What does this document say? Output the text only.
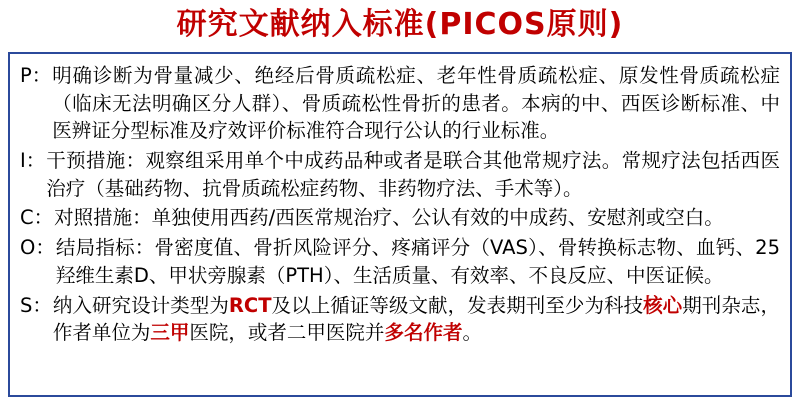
研究文献纳入标准(PICOS原则)
P： 明确诊断为骨量减少、绝经后骨质疏松症、老年性骨质疏松症、原发性骨质疏松症（临床无法明确区分人群）、骨质疏松性骨折的患者。本病的中、西医诊断标准、中医辨证分型标准及疗效评价标准符合现行公认的行业标准。
I： 干预措施：观察组采用单个中成药品种或者是联合其他常规疗法。常规疗法包括西医治疗（基础药物、抗骨质疏松症药物、非药物疗法、手术等）。
C： 对照措施：单独使用西药/西医常规治疗、公认有效的中成药、安慰剂或空白。
O： 结局指标：骨密度值、骨折风险评分、疼痛评分（VAS）、骨转换标志物、血钙、25羟维生素D、甲状旁腺素（PTH）、生活质量、有效率、不良反应、中医证候。
S： 纳入研究设计类型为RCT及以上循证等级文献，发表期刊至少为科技核心期刊杂志，作者单位为三甲医院，或者二甲医院并多名作者。
